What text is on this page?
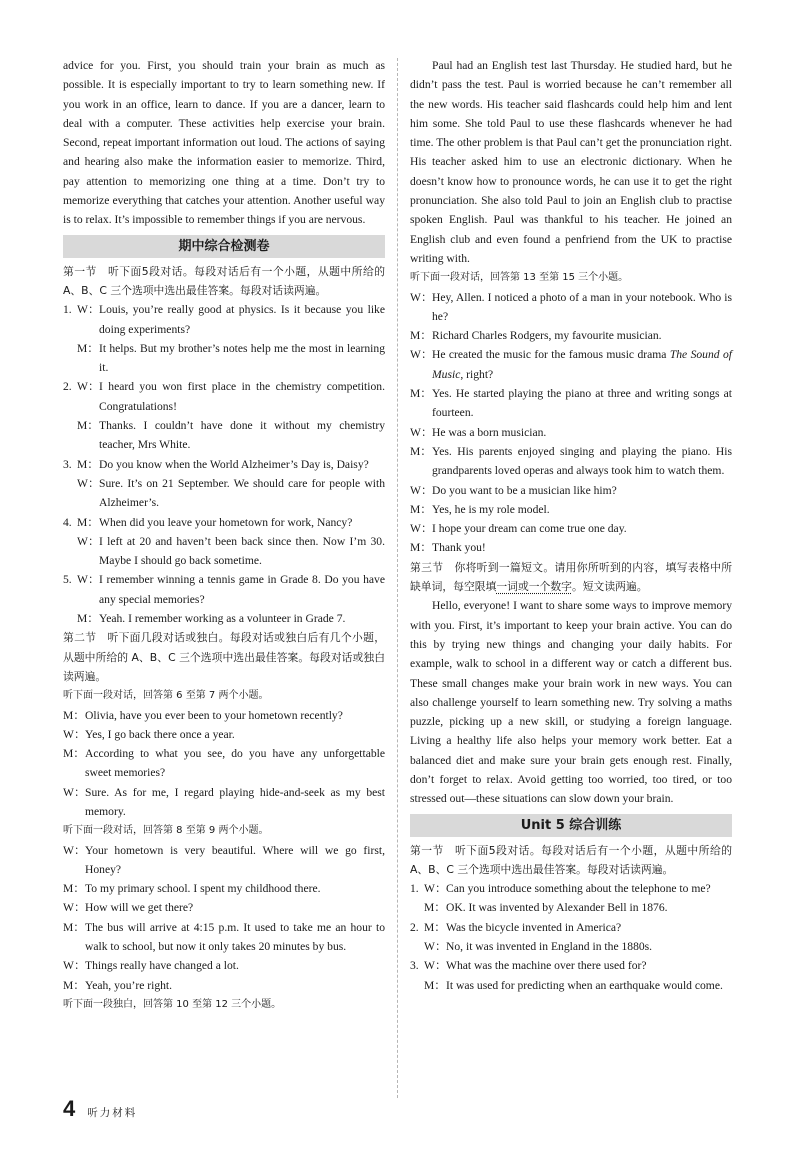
advice for you. First, you should train your brain as much as possible. It is especially important to try to learn something new. If you work in an office, learn to dance. If you are a dancer, learn to deal with a computer. These activities help exercise your brain. Second, repeat important information out loud. The actions of saying and hearing also make the information easier to memorize. Third, pay attention to memorizing one thing at a time. Don’t try to memorize everything that catches your attention. Another useful way is to relax. It’s impossible to remember things if you are nervous.

期中综合检测卷

第一节　听下面5段对话。每段对话后有一个小题，从题中所给的 A、B、C 三个选项中选出最佳答案。每段对话读两遍。

1. W： Louis, you’re really good at physics. Is it because you like doing experiments?
M： It helps. But my brother’s notes help me the most in learning it.
2. W： I heard you won first place in the chemistry competition. Congratulations!
M： Thanks. I couldn’t have done it without my chemistry teacher, Mrs White.
3. M： Do you know when the World Alzheimer’s Day is, Daisy?
W： Sure. It’s on 21 September. We should care for people with Alzheimer’s.
4. M： When did you leave your hometown for work, Nancy?
W： I left at 20 and haven’t been back since then. Now I’m 30. Maybe I should go back sometime.
5. W： I remember winning a tennis game in Grade 8. Do you have any special memories?
M： Yeah. I remember working as a volunteer in Grade 7.

第二节　听下面几段对话或独白。每段对话或独白后有几个小题，从题中所给的 A、B、C 三个选项中选出最佳答案。每段对话或独白读两遍。

听下面一段对话，回答第 6 至第 7 两个小题。

M： Olivia, have you ever been to your hometown recently?
W： Yes, I go back there once a year.
M： According to what you see, do you have any unforgettable sweet memories?
W： Sure. As for me, I regard playing hide-and-seek as my best memory.

听下面一段对话，回答第 8 至第 9 两个小题。

W： Your hometown is very beautiful. Where will we go first, Honey?
M： To my primary school. I spent my childhood there.
W： How will we get there?
M： The bus will arrive at 4:15 p.m. It used to take me an hour to walk to school, but now it only takes 20 minutes by bus.
W： Things really have changed a lot.
M： Yeah, you’re right.

听下面一段独白，回答第 10 至第 12 三个小题。

Paul had an English test last Thursday. He studied hard, but he didn’t pass the test. Paul is worried because he can’t remember all the new words. His teacher said flashcards could help him and lent him some. She told Paul to use these flashcards whenever he had time. The other problem is that Paul can’t get the pronunciation right. His teacher asked him to use an electronic dictionary. When he doesn’t know how to pronounce words, he can use it to get the right pronunciation. She also told Paul to join an English club to practise spoken English. Paul was thankful to his teacher. He joined an English club and even found a penfriend from the UK to practise writing with.

听下面一段对话，回答第 13 至第 15 三个小题。

W： Hey, Allen. I noticed a photo of a man in your notebook. Who is he?
M： Richard Charles Rodgers, my favourite musician.
W： He created the music for the famous music drama The Sound of Music, right?
M： Yes. He started playing the piano at three and writing songs at fourteen.
W： He was a born musician.
M： Yes. His parents enjoyed singing and playing the piano. His grandparents loved operas and always took him to watch them.
W： Do you want to be a musician like him?
M： Yes, he is my role model.
W： I hope your dream can come true one day.
M： Thank you!

第三节　你将听到一篇短文。请用你所听到的内容，填写表格中所缺单词，每空限填一词或一个数字。短文读两遍。

Hello, everyone! I want to share some ways to improve memory with you. First, it’s important to keep your brain active. You can do this by trying new things and changing your daily habits. For example, walk to school in a different way or catch a different bus. These small changes make your brain work in new ways. You can also challenge yourself to learn something new. Try solving a maths puzzle, picking up a new skill, or studying a foreign language. Living a healthy life also helps your memory work better. Eat a balanced diet and make sure your brain gets enough rest. Finally, don’t forget to relax. Avoid getting too worried, too tired, or too stressed out—these situations can slow down your brain.

Unit 5 综合训练

第一节　听下面5段对话。每段对话后有一个小题，从题中所给的 A、B、C 三个选项中选出最佳答案。每段对话读两遍。

1. W： Can you introduce something about the telephone to me?
M： OK. It was invented by Alexander Bell in 1876.
2. M： Was the bicycle invented in America?
W： No, it was invented in England in the 1880s.
3. W： What was the machine over there used for?
M： It was used for predicting when an earthquake would come.
4 听力材料
